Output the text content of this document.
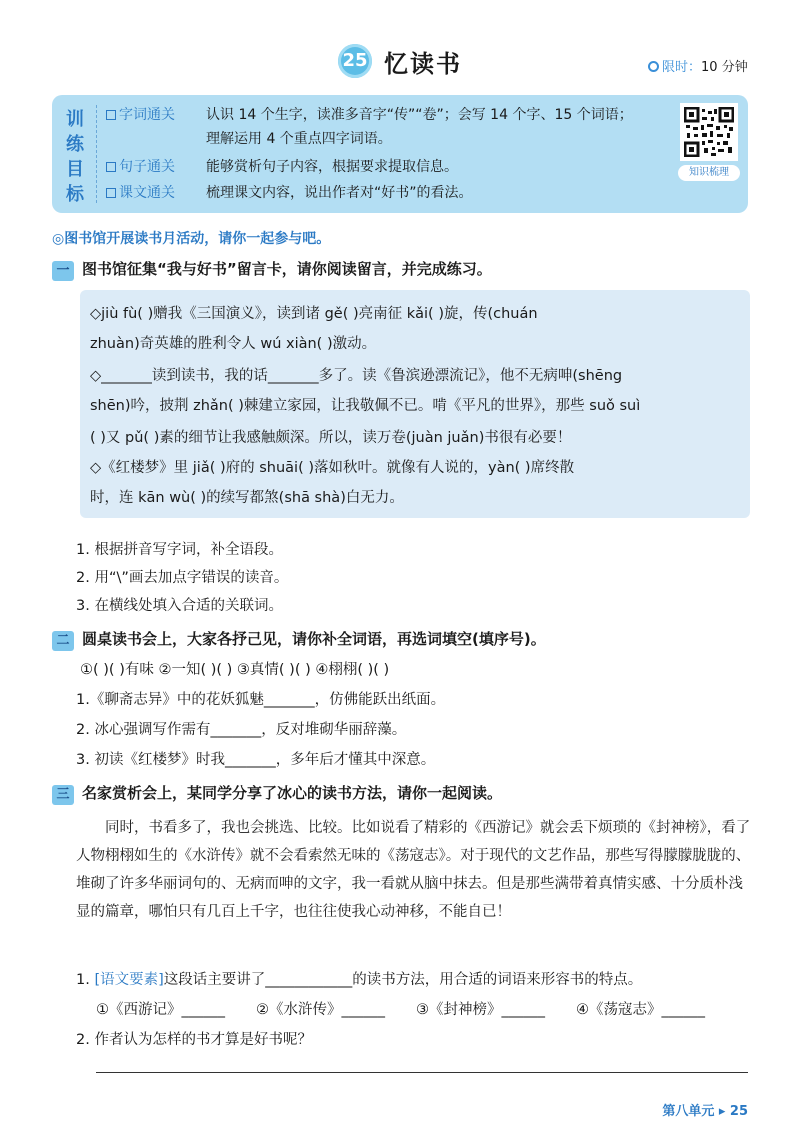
25 忆读书	限时：10 分钟
训
练
目
标
字词通关 认识 14 个生字，读准多音字“传”“卷”；会写 14 个字、15 个词语；
理解运用 4 个重点四字词语。
句子通关 能够赏析句子内容，根据要求提取信息。
课文通关 梳理课文内容，说出作者对“好书”的看法。
知识梳理
◎图书馆开展读书月活动，请你一起参与吧。
一 图书馆征集“我与好书”留言卡，请你阅读留言，并完成练习。
◇jiù fù( )赠我《三国演义》，读到诸 gě( )亮南征 kǎi( )旋，传(chuán
zhuàn)奇英雄的胜利令人 wú xiàn( )激动。
◇_______读到读书，我的话_______多了。读《鲁滨逊漂流记》，他不无病呻(shēng
shēn)吟，披荆 zhǎn( )棘建立家园，让我敬佩不已。啃《平凡的世界》，那些 suǒ suì
( )又 pǔ( )素的细节让我感触颇深。所以，读万卷(juàn juǎn)书很有必要！
◇《红楼梦》里 jiǎ( )府的 shuāi( )落如秋叶。就像有人说的，yàn( )席终散
时，连 kān wù( )的续写都煞(shā shà)白无力。
1. 根据拼音写字词，补全语段。
2. 用“\”画去加点字错误的读音。
3. 在横线处填入合适的关联词。
二 圆桌读书会上，大家各抒己见，请你补全词语，再选词填空(填序号)。
①( )( )有味 ②一知( )( ) ③真情( )( ) ④栩栩( )( )
1.《聊斋志异》中的花妖狐魅_______，仿佛能跃出纸面。
2. 冰心强调写作需有_______，反对堆砌华丽辞藻。
3. 初读《红楼梦》时我_______，多年后才懂其中深意。
三 名家赏析会上，某同学分享了冰心的读书方法，请你一起阅读。
同时，书看多了，我也会挑选、比较。比如说看了精彩的《西游记》就会丢下烦琐的《封神榜》，看了人物栩栩如生的《水浒传》就不会看索然无味的《荡寇志》。对于现代的文艺作品，那些写得朦朦胧胧的、堆砌了许多华丽词句的、无病而呻的文字，我一看就从脑中抹去。但是那些满带着真情实感、十分质朴浅显的篇章，哪怕只有几百上千字，也往往使我心动神移，不能自已！
1. [语文要素]这段话主要讲了____________的读书方法，用合适的词语来形容书的特点。
①《西游记》______ ②《水浒传》______ ③《封神榜》______ ④《荡寇志》______
2. 作者认为怎样的书才算是好书呢？
第八单元 ▸ 25
